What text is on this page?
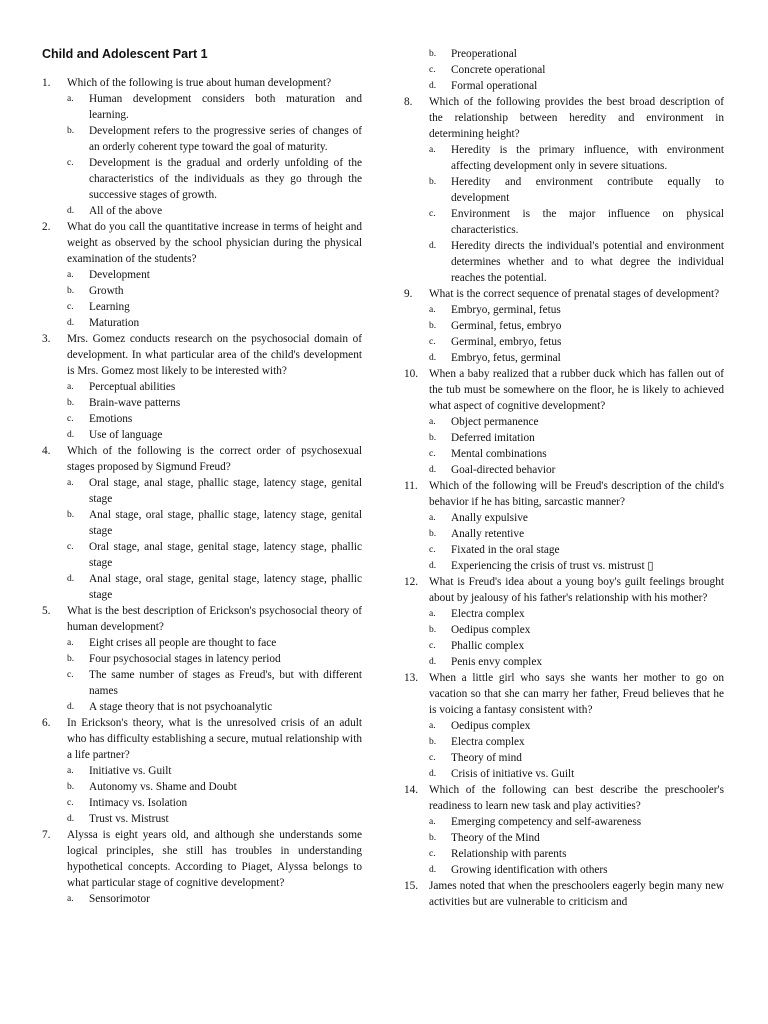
Child and Adolescent Part 1
1.	Which of the following is true about human development?
a.	Human development considers both maturation and learning.
b.	Development refers to the progressive series of changes of an orderly coherent type toward the goal of maturity.
c.	Development is the gradual and orderly unfolding of the characteristics of the individuals as they go through the successive stages of growth.
d.	All of the above
2.	What do you call the quantitative increase in terms of height and weight as observed by the school physician during the physical examination of the students?
a.	Development
b.	Growth
c.	Learning
d.	Maturation
3.	Mrs. Gomez conducts research on the psychosocial domain of development. In what particular area of the child's development is Mrs. Gomez most likely to be interested with?
a.	Perceptual abilities
b.	Brain-wave patterns
c.	Emotions
d.	Use of language
4.	Which of the following is the correct order of psychosexual stages proposed by Sigmund Freud?
a.	Oral stage, anal stage, phallic stage, latency stage, genital stage
b.	Anal stage, oral stage, phallic stage, latency stage, genital stage
c.	Oral stage, anal stage, genital stage, latency stage, phallic stage
d.	Anal stage, oral stage, genital stage, latency stage, phallic stage
5.	What is the best description of Erickson's psychosocial theory of human development?
a.	Eight crises all people are thought to face
b.	Four psychosocial stages in latency period
c.	The same number of stages as Freud's, but with different names
d.	A stage theory that is not psychoanalytic
6.	In Erickson's theory, what is the unresolved crisis of an adult who has difficulty establishing a secure, mutual relationship with a life partner?
a.	Initiative vs. Guilt
b.	Autonomy vs. Shame and Doubt
c.	Intimacy vs. Isolation
d.	Trust vs. Mistrust
7.	Alyssa is eight years old, and although she understands some logical principles, she still has troubles in understanding hypothetical concepts. According to Piaget, Alyssa belongs to what particular stage of cognitive development?
a.	Sensorimotor
b.	Preoperational
c.	Concrete operational
d.	Formal operational
8.	Which of the following provides the best broad description of the relationship between heredity and environment in determining height?
a.	Heredity is the primary influence, with environment affecting development only in severe situations.
b.	Heredity and environment contribute equally to development
c.	Environment is the major influence on physical characteristics.
d.	Heredity directs the individual's potential and environment determines whether and to what degree the individual reaches the potential.
9.	What is the correct sequence of prenatal stages of development?
a.	Embryo, germinal, fetus
b.	Germinal, fetus, embryo
c.	Germinal, embryo, fetus
d.	Embryo, fetus, germinal
10. When a baby realized that a rubber duck which has fallen out of the tub must be somewhere on the floor, he is likely to achieved what aspect of cognitive development?
a.	Object permanence
b.	Deferred imitation
c.	Mental combinations
d.	Goal-directed behavior
11. Which of the following will be Freud's description of the child's behavior if he has biting, sarcastic manner?
a.	Anally expulsive
b.	Anally retentive
c.	Fixated in the oral stage
d.	Experiencing the crisis of trust vs. mistrust ▯
12. What is Freud's idea about a young boy's guilt feelings brought about by jealousy of his father's relationship with his mother?
a.	Electra complex
b.	Oedipus complex
c.	Phallic complex
d.	Penis envy complex
13. When a little girl who says she wants her mother to go on vacation so that she can marry her father, Freud believes that he is voicing a fantasy consistent with?
a.	Oedipus complex
b.	Electra complex
c.	Theory of mind
d.	Crisis of initiative vs. Guilt
14. Which of the following can best describe the preschooler's readiness to learn new task and play activities?
a.	Emerging competency and self-awareness
b.	Theory of the Mind
c.	Relationship with parents
d.	Growing identification with others
15. James noted that when the preschoolers eagerly begin many new activities but are vulnerable to criticism and
